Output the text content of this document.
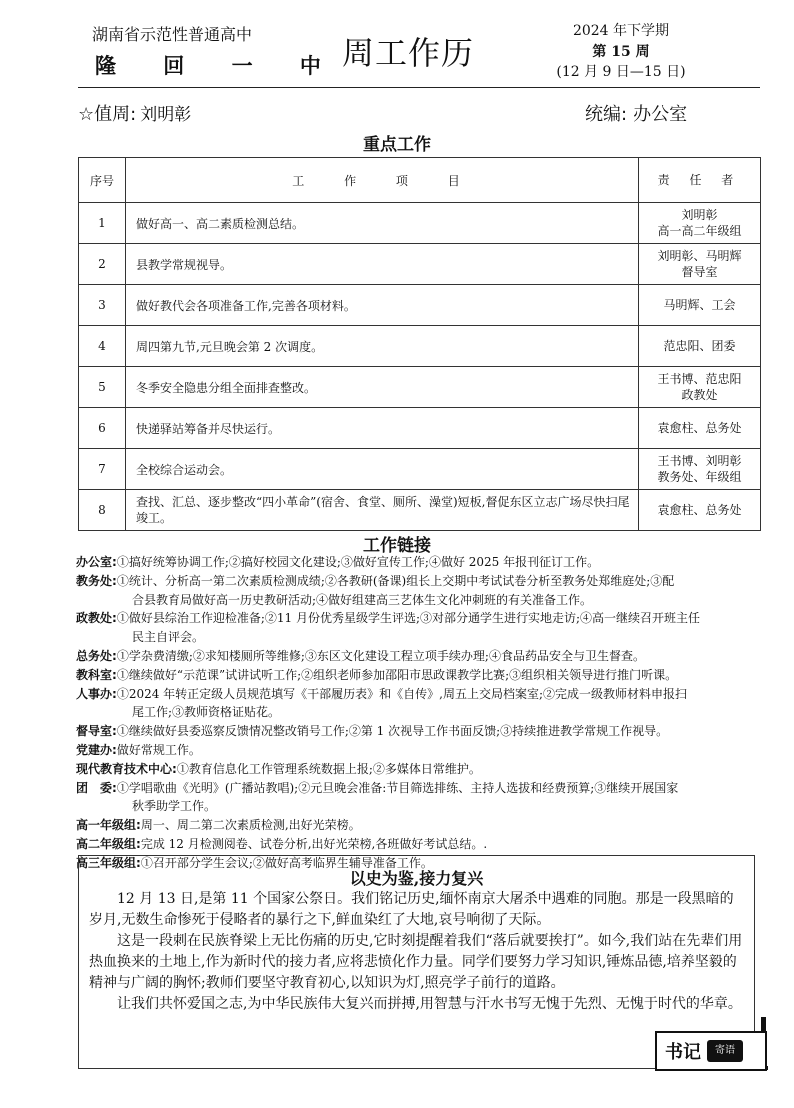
湖南省示范性普通高中
隆 回 一 中 周工作历
2024 年下学期
第 15 周
(12 月 9 日—15 日)
☆值周: 刘明彰	统编: 办公室
重点工作
序号	工 作 项 目	责 任 者
1	做好高一、高二素质检测总结。	刘明彰
高一高二年级组

2	县教学常规视导。	刘明彰、马明辉
督导室

3	做好教代会各项准备工作,完善各项材料。	马明辉、工会

4	周四第九节,元旦晚会第 2 次调度。	范忠阳、团委

5	冬季安全隐患分组全面排查整改。	王书博、范忠阳
政教处

6	快递驿站筹备并尽快运行。	袁愈柱、总务处

7	全校综合运动会。	王书博、刘明彰
教务处、年级组

8	查找、汇总、逐步整改“四小革命”(宿舍、食堂、厕所、澡堂)短板,督促东区立志广场尽快扫尾竣工。	袁愈柱、总务处
工作链接
办公室:①搞好统筹协调工作;②搞好校园文化建设;③做好宣传工作;④做好 2025 年报刊征订工作。
教务处:①统计、分析高一第二次素质检测成绩;②各教研(备课)组长上交期中考试试卷分析至教务处郑维庭处;③配
合县教育局做好高一历史教研活动;④做好组建高三艺体生文化冲刺班的有关准备工作。
政教处:①做好县综治工作迎检准备;②11 月份优秀星级学生评选;③对部分通学生进行实地走访;④高一继续召开班主任
民主自评会。
总务处:①学杂费清缴;②求知楼厕所等维修;③东区文化建设工程立项手续办理;④食品药品安全与卫生督查。
教科室:①继续做好“示范课”试讲试听工作;②组织老师参加邵阳市思政课教学比赛;③组织相关领导进行推门听课。
人事办:①2024 年转正定级人员规范填写《干部履历表》和《自传》,周五上交局档案室;②完成一级教师材料申报扫
尾工作;③教师资格证贴花。
督导室:①继续做好县委巡察反馈情况整改销号工作;②第 1 次视导工作书面反馈;③持续推进教学常规工作视导。
党建办:做好常规工作。
现代教育技术中心:①教育信息化工作管理系统数据上报;②多媒体日常维护。
团　委:①学唱歌曲《光明》(广播站教唱);②元旦晚会准备:节目筛选排练、主持人选拔和经费预算;③继续开展国家
秋季助学工作。
高一年级组:周一、周二第二次素质检测,出好光荣榜。
高二年级组:完成 12 月检测阅卷、试卷分析,出好光荣榜,各班做好考试总结。.
高三年级组:①召开部分学生会议;②做好高考临界生辅导准备工作。
以史为鉴,接力复兴

12 月 13 日,是第 11 个国家公祭日。我们铭记历史,缅怀南京大屠杀中遇难的同胞。那是一段黑暗的岁月,无数生命惨死于侵略者的暴行之下,鲜血染红了大地,哀号响彻了天际。

这是一段刺在民族脊梁上无比伤痛的历史,它时刻提醒着我们“落后就要挨打”。如今,我们站在先辈们用热血换来的土地上,作为新时代的接力者,应将悲愤化作力量。同学们要努力学习知识,锤炼品德,培养坚毅的精神与广阔的胸怀;教师们要坚守教育初心,以知识为灯,照亮学子前行的道路。

让我们共怀爱国之志,为中华民族伟大复兴而拼搏,用智慧与汗水书写无愧于先烈、无愧于时代的华章。

书记	寄语
